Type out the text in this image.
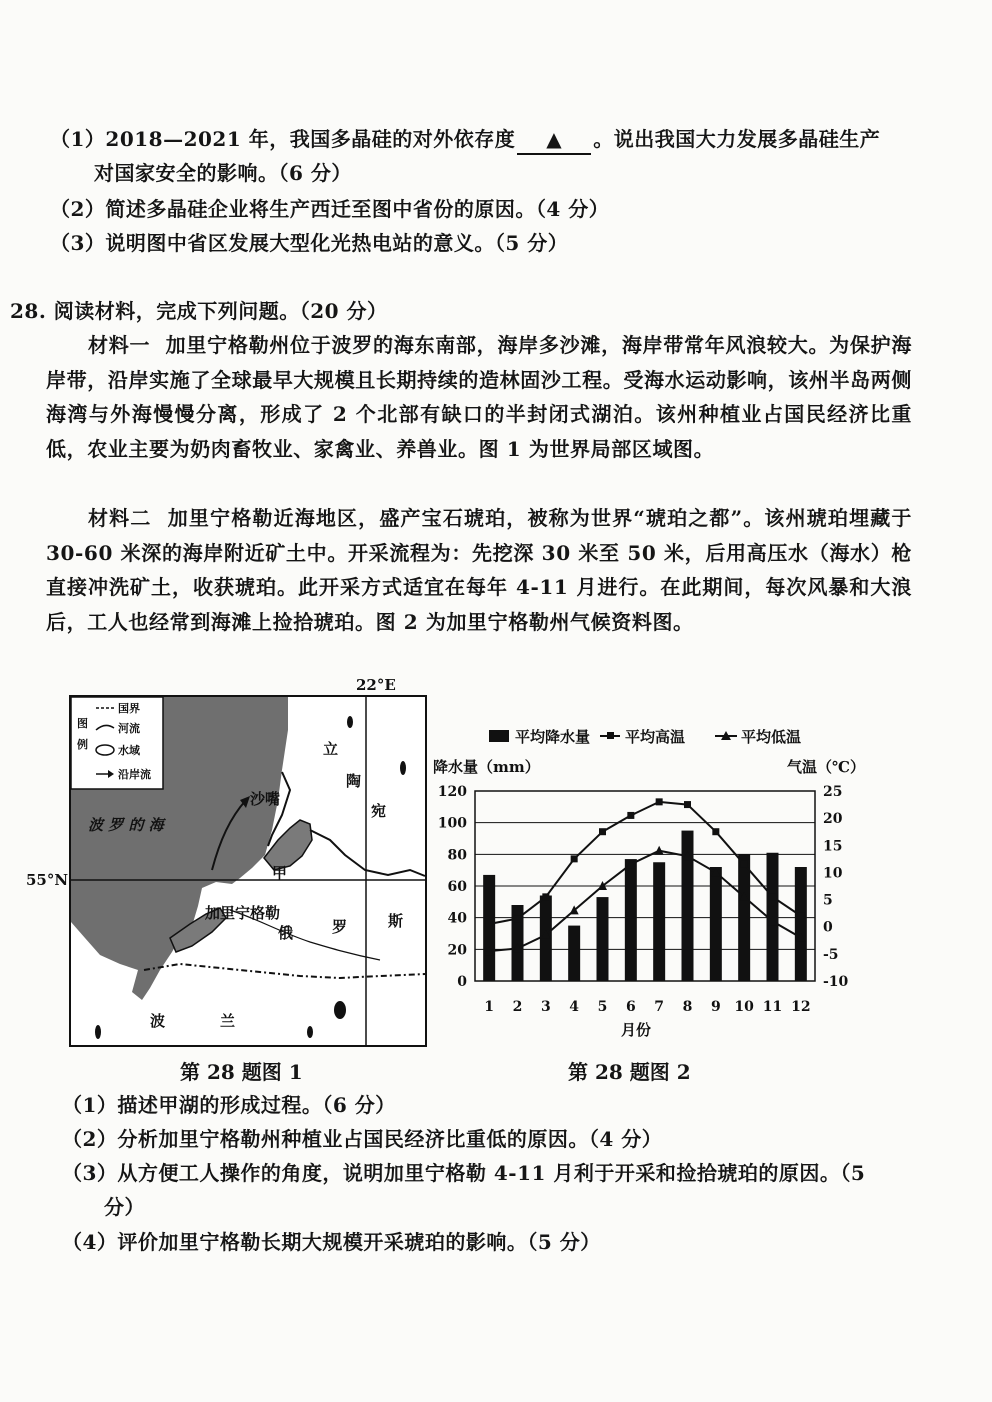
（1）2018—2021 年，我国多晶硅的对外依存度 ▲ 。说出我国大力发展多晶硅生产
对国家安全的影响。（6 分）
（2）简述多晶硅企业将生产西迁至图中省份的原因。（4 分）
（3）说明图中省区发展大型化光热电站的意义。（5 分）
28. 阅读材料，完成下列问题。（20 分）
材料一 加里宁格勒州位于波罗的海东南部，海岸多沙滩，海岸带常年风浪较大。为保护海岸带，沿岸实施了全球最早大规模且长期持续的造林固沙工程。受海水运动影响，该州半岛两侧海湾与外海慢慢分离，形成了 2 个北部有缺口的半封闭式湖泊。该州种植业占国民经济比重低，农业主要为奶肉畜牧业、家禽业、养兽业。图 1 为世界局部区域图。
材料二 加里宁格勒近海地区，盛产宝石琥珀，被称为世界“琥珀之都”。该州琥珀埋藏于 30-60 米深的海岸附近矿土中。开采流程为：先挖深 30 米至 50 米，后用高压水（海水）枪直接冲洗矿土，收获琥珀。此开采方式适宜在每年 4-11 月进行。在此期间，每次风暴和大浪后，工人也经常到海滩上捡拾琥珀。图 2 为加里宁格勒州气候资料图。
图
例
国界
河流
水域
沿岸流
22°E
55°N
波 罗 的 海
沙嘴
甲
加里宁格勒
立
陶
宛
俄	罗	斯
波	兰
平均降水量 平均高温	平均低温
降水量（mm）	气温（℃）
0
20
40
60
80
100
120
-10
-5
0
5
10
15
20
25
1 2 3 4 5 6 7 8 9 10 11 12
月份
第 28 题图 1	第 28 题图 2
（1）描述甲湖的形成过程。（6 分）
（2）分析加里宁格勒州种植业占国民经济比重低的原因。（4 分）
（3）从方便工人操作的角度，说明加里宁格勒 4-11 月利于开采和捡拾琥珀的原因。（5
分）
（4）评价加里宁格勒长期大规模开采琥珀的影响。（5 分）
